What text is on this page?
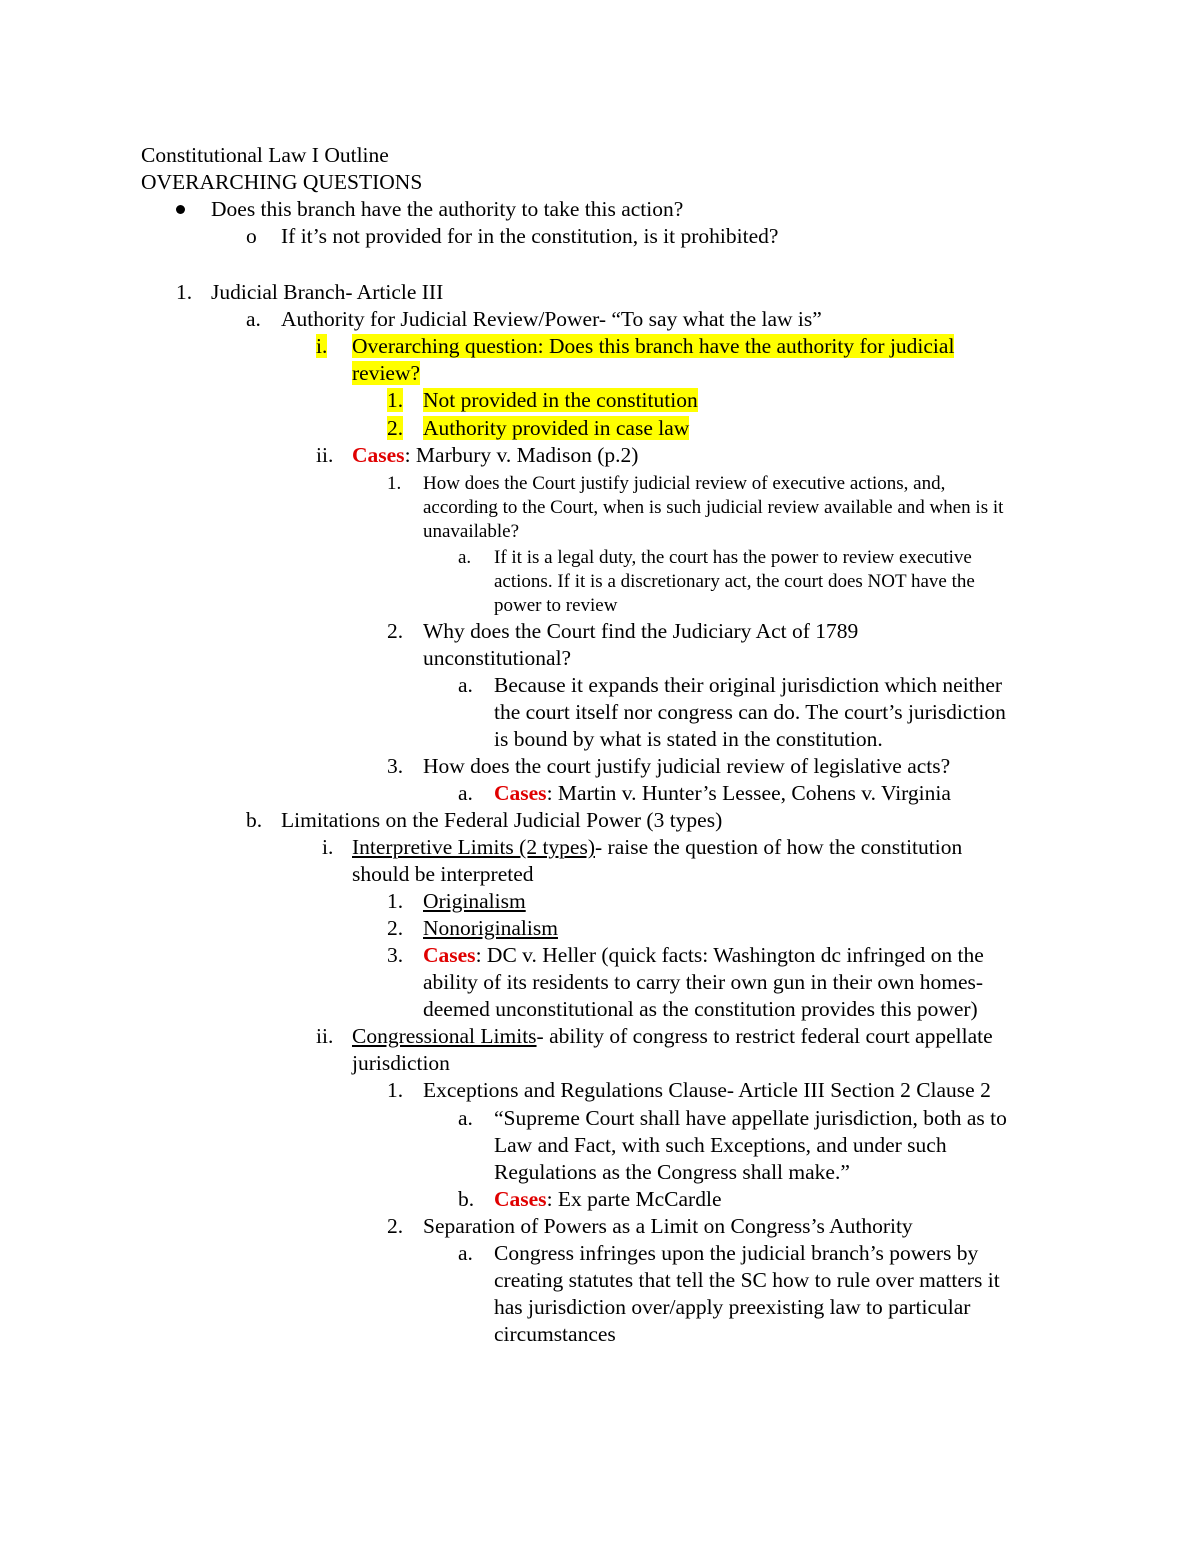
Constitutional Law I Outline
OVERARCHING QUESTIONS
Does this branch have the authority to take this action?
o If it’s not provided for in the constitution, is it prohibited?
1. Judicial Branch- Article III
a. Authority for Judicial Review/Power- “To say what the law is”
i. Overarching question: Does this branch have the authority for judicial
review?
1. Not provided in the constitution
2. Authority provided in case law
ii. Cases: Marbury v. Madison (p.2)
1. How does the Court justify judicial review of executive actions, and,
according to the Court, when is such judicial review available and when is it
unavailable?
a. If it is a legal duty, the court has the power to review executive
actions. If it is a discretionary act, the court does NOT have the
power to review
2. Why does the Court find the Judiciary Act of 1789
unconstitutional?
a. Because it expands their original jurisdiction which neither
the court itself nor congress can do. The court’s jurisdiction
is bound by what is stated in the constitution.
3. How does the court justify judicial review of legislative acts?
a. Cases: Martin v. Hunter’s Lessee, Cohens v. Virginia
b. Limitations on the Federal Judicial Power (3 types)
i. Interpretive Limits (2 types)- raise the question of how the constitution
should be interpreted
1. Originalism
2. Nonoriginalism
3. Cases: DC v. Heller (quick facts: Washington dc infringed on the
ability of its residents to carry their own gun in their own homes-
deemed unconstitutional as the constitution provides this power)
ii. Congressional Limits- ability of congress to restrict federal court appellate
jurisdiction
1. Exceptions and Regulations Clause- Article III Section 2 Clause 2
a. “Supreme Court shall have appellate jurisdiction, both as to
Law and Fact, with such Exceptions, and under such
Regulations as the Congress shall make.”
b. Cases: Ex parte McCardle
2. Separation of Powers as a Limit on Congress’s Authority
a. Congress infringes upon the judicial branch’s powers by
creating statutes that tell the SC how to rule over matters it
has jurisdiction over/apply preexisting law to particular
circumstances
